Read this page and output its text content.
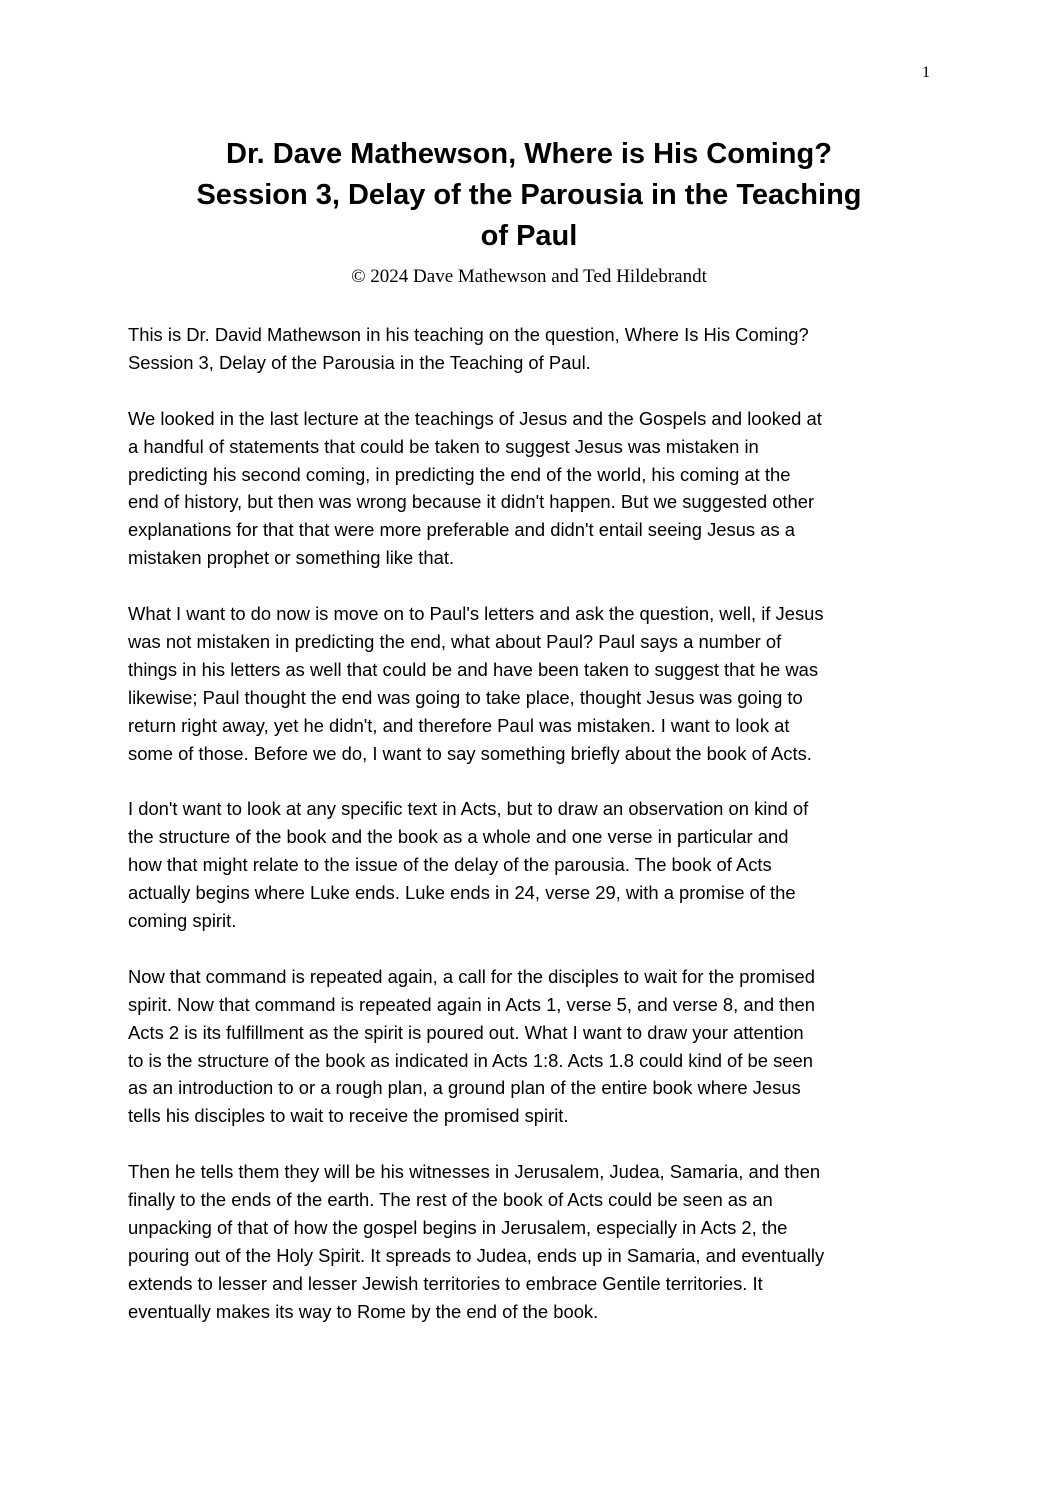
1
Dr. Dave Mathewson, Where is His Coming?
Session 3, Delay of the Parousia in the Teaching
of Paul
© 2024 Dave Mathewson and Ted Hildebrandt

This is Dr. David Mathewson in his teaching on the question, Where Is His Coming?
Session 3, Delay of the Parousia in the Teaching of Paul.

We looked in the last lecture at the teachings of Jesus and the Gospels and looked at
a handful of statements that could be taken to suggest Jesus was mistaken in
predicting his second coming, in predicting the end of the world, his coming at the
end of history, but then was wrong because it didn't happen. But we suggested other
explanations for that that were more preferable and didn't entail seeing Jesus as a
mistaken prophet or something like that.

What I want to do now is move on to Paul's letters and ask the question, well, if Jesus
was not mistaken in predicting the end, what about Paul? Paul says a number of
things in his letters as well that could be and have been taken to suggest that he was
likewise; Paul thought the end was going to take place, thought Jesus was going to
return right away, yet he didn't, and therefore Paul was mistaken. I want to look at
some of those. Before we do, I want to say something briefly about the book of Acts.

I don't want to look at any specific text in Acts, but to draw an observation on kind of
the structure of the book and the book as a whole and one verse in particular and
how that might relate to the issue of the delay of the parousia. The book of Acts
actually begins where Luke ends. Luke ends in 24, verse 29, with a promise of the
coming spirit.

Now that command is repeated again, a call for the disciples to wait for the promised
spirit. Now that command is repeated again in Acts 1, verse 5, and verse 8, and then
Acts 2 is its fulfillment as the spirit is poured out. What I want to draw your attention
to is the structure of the book as indicated in Acts 1:8. Acts 1.8 could kind of be seen
as an introduction to or a rough plan, a ground plan of the entire book where Jesus
tells his disciples to wait to receive the promised spirit.

Then he tells them they will be his witnesses in Jerusalem, Judea, Samaria, and then
finally to the ends of the earth. The rest of the book of Acts could be seen as an
unpacking of that of how the gospel begins in Jerusalem, especially in Acts 2, the
pouring out of the Holy Spirit. It spreads to Judea, ends up in Samaria, and eventually
extends to lesser and lesser Jewish territories to embrace Gentile territories. It
eventually makes its way to Rome by the end of the book.
